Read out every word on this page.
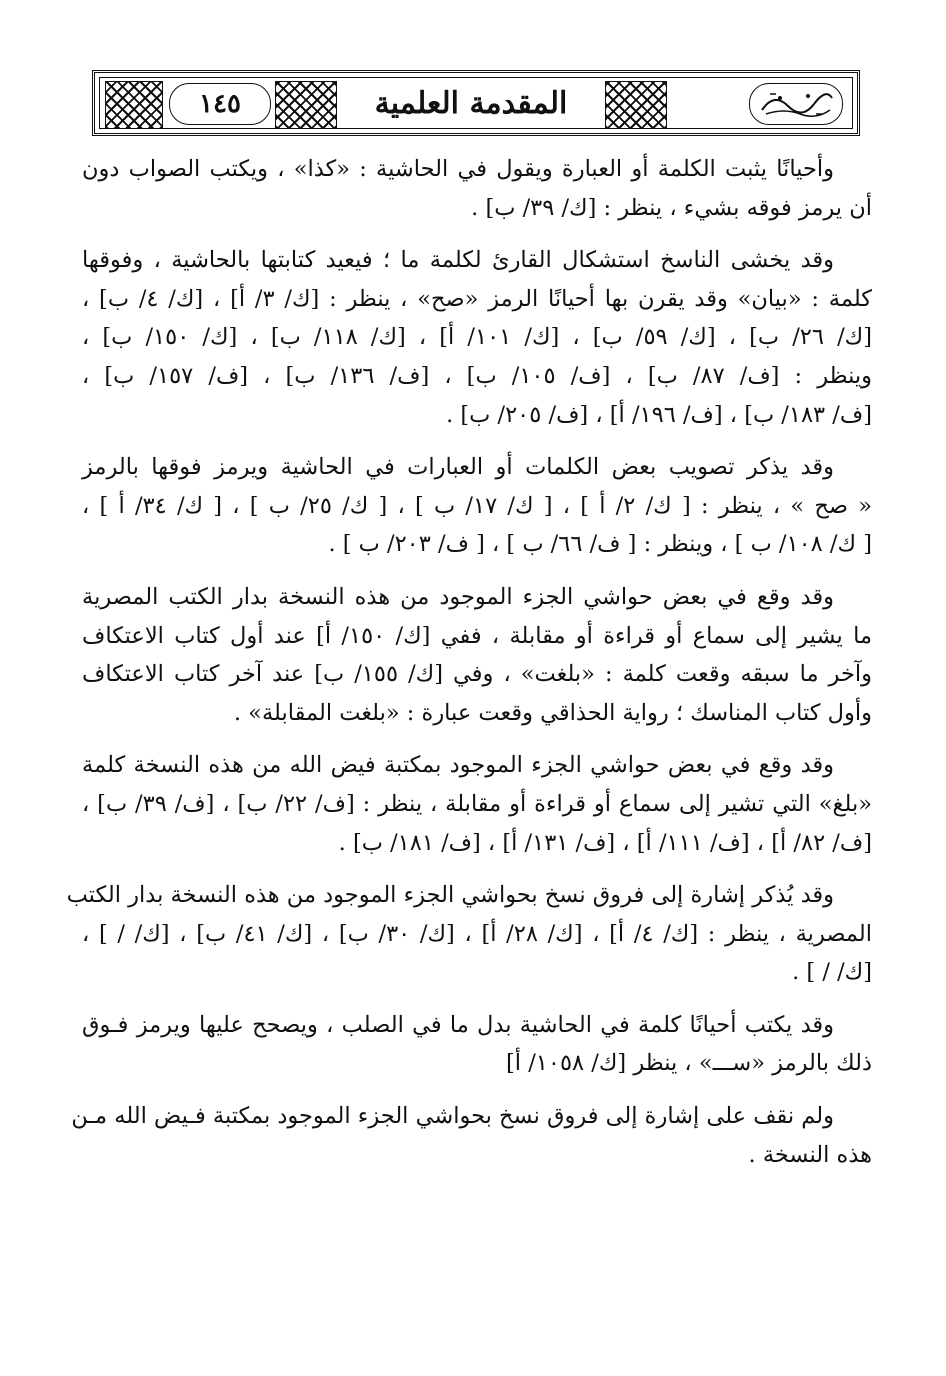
١٤٥	المقدمة العلمية
وأحيانًا يثبت الكلمة أو العبارة ويقول في الحاشية : «كذا» ، ويكتب الصواب دون
أن يرمز فوقه بشيء ، ينظر : [ك/ ٣٩/ ب] .
وقد يخشى الناسخ استشكال القارئ لكلمة ما ؛ فيعيد كتابتها بالحاشية ، وفوقها
كلمة : «بيان» وقد يقرن بها أحيانًا الرمز «صح» ، ينظر : [ك/ ٣/ أ] ، [ك/ ٤/ ب] ،
[ك/ ٢٦/ ب] ، [ك/ ٥٩/ ب] ، [ك/ ١٠١/ أ] ، [ك/ ١١٨/ ب] ، [ك/ ١٥٠/ ب] ،
وينظر : [ف/ ٨٧/ ب] ، [ف/ ١٠٥/ ب] ، [ف/ ١٣٦/ ب] ، [ف/ ١٥٧/ ب] ،
[ف/ ١٨٣/ ب] ، [ف/ ١٩٦/ أ] ، [ف/ ٢٠٥/ ب] .
وقد يذكر تصويب بعض الكلمات أو العبارات في الحاشية ويرمز فوقها بالرمز
« صح » ، ينظر : [ ك/ ٢/ أ ] ، [ ك/ ١٧/ ب ] ، [ ك/ ٢٥/ ب ] ، [ ك/ ٣٤/ أ ] ،
[ ك/ ١٠٨/ ب ] ، وينظر : [ ف/ ٦٦/ ب ] ، [ ف/ ٢٠٣/ ب ] .
وقد وقع في بعض حواشي الجزء الموجود من هذه النسخة بدار الكتب المصرية
ما يشير إلى سماع أو قراءة أو مقابلة ، ففي [ك/ ١٥٠/ أ] عند أول كتاب الاعتكاف
وآخر ما سبقه وقعت كلمة : «بلغت» ، وفي [ك/ ١٥٥/ ب] عند آخر كتاب الاعتكاف
وأول كتاب المناسك ؛ رواية الحذاقي وقعت عبارة : «بلغت المقابلة» .
وقد وقع في بعض حواشي الجزء الموجود بمكتبة فيض الله من هذه النسخة كلمة
«بلغ» التي تشير إلى سماع أو قراءة أو مقابلة ، ينظر : [ف/ ٢٢/ ب] ، [ف/ ٣٩/ ب] ،
[ف/ ٨٢/ أ] ، [ف/ ١١١/ أ] ، [ف/ ١٣١/ أ] ، [ف/ ١٨١/ ب] .
وقد يُذكر إشارة إلى فروق نسخ بحواشي الجزء الموجود من هذه النسخة بدار الكتب
المصرية ، ينظر : [ك/ ٤/ أ] ، [ك/ ٢٨/ أ] ، [ك/ ٣٠/ ب] ، [ك/ ٤١/ ب] ، [ك/ / ] ،
[ك/ / ] .
وقد يكتب أحيانًا كلمة في الحاشية بدل ما في الصلب ، ويصحح عليها ويرمز فـوق
ذلك بالرمز «ســـ» ، ينظر [ك/ ١٠٥٨/ أ]
ولم نقف على إشارة إلى فروق نسخ بحواشي الجزء الموجود بمكتبة فـيض الله مـن
هذه النسخة .
